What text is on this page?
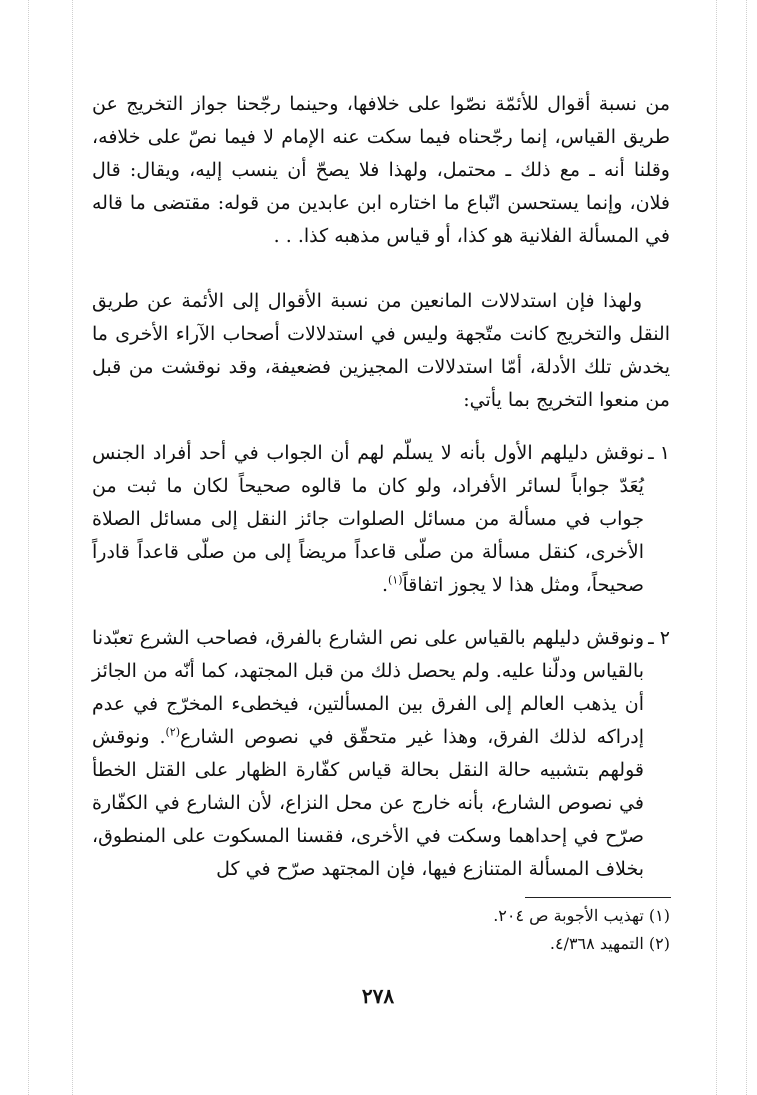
من نسبة أقوال للأئمّة نصّوا على خلافها، وحينما رجّحنا جواز التخريج عن طريق القياس، إنما رجّحناه فيما سكت عنه الإمام لا فيما نصّ على خلافه، وقلنا أنه ـ مع ذلك ـ محتمل، ولهذا فلا يصحّ أن ينسب إليه، ويقال: قال فلان، وإنما يستحسن اتّباع ما اختاره ابن عابدين من قوله: مقتضى ما قاله في المسألة الفلانية هو كذا، أو قياس مذهبه كذا. . .

ولهذا فإن استدلالات المانعين من نسبة الأقوال إلى الأئمة عن طريق النقل والتخريج كانت متّجهة وليس في استدلالات أصحاب الآراء الأخرى ما يخدش تلك الأدلة، أمّا استدلالات المجيزين فضعيفة، وقد نوقشت من قبل من منعوا التخريج بما يأتي:

١ ـ
نوقش دليلهم الأول بأنه لا يسلّم لهم أن الجواب في أحد أفراد الجنس يُعَدّ جواباً لسائر الأفراد، ولو كان ما قالوه صحيحاً لكان ما ثبت من جواب في مسألة من مسائل الصلوات جائز النقل إلى مسائل الصلاة الأخرى، كنقل مسألة من صلّى قاعداً مريضاً إلى من صلّى قاعداً قادراً صحيحاً، ومثل هذا لا يجوز اتفاقاً$^{(١)}$.
٢ ـ
ونوقش دليلهم بالقياس على نص الشارع بالفرق، فصاحب الشرع تعبّدنا بالقياس ودلّنا عليه. ولم يحصل ذلك من قبل المجتهد، كما أنّه من الجائز أن يذهب العالم إلى الفرق بين المسألتين، فيخطىء المخرّج في عدم إدراكه لذلك الفرق، وهذا غير متحقّق في نصوص الشارع$^{(٢)}$. ونوقش قولهم بتشبيه حالة النقل بحالة قياس كفّارة الظهار على القتل الخطأ في نصوص الشارع، بأنه خارج عن محل النزاع، لأن الشارع في الكفّارة صرّح في إحداهما وسكت في الأخرى، فقسنا المسكوت على المنطوق، بخلاف المسألة المتنازع فيها، فإن المجتهد صرّح في كل
(١) تهذيب الأجوبة ص ٢٠٤.
(٢) التمهيد ٤/٣٦٨.
٢٧٨
